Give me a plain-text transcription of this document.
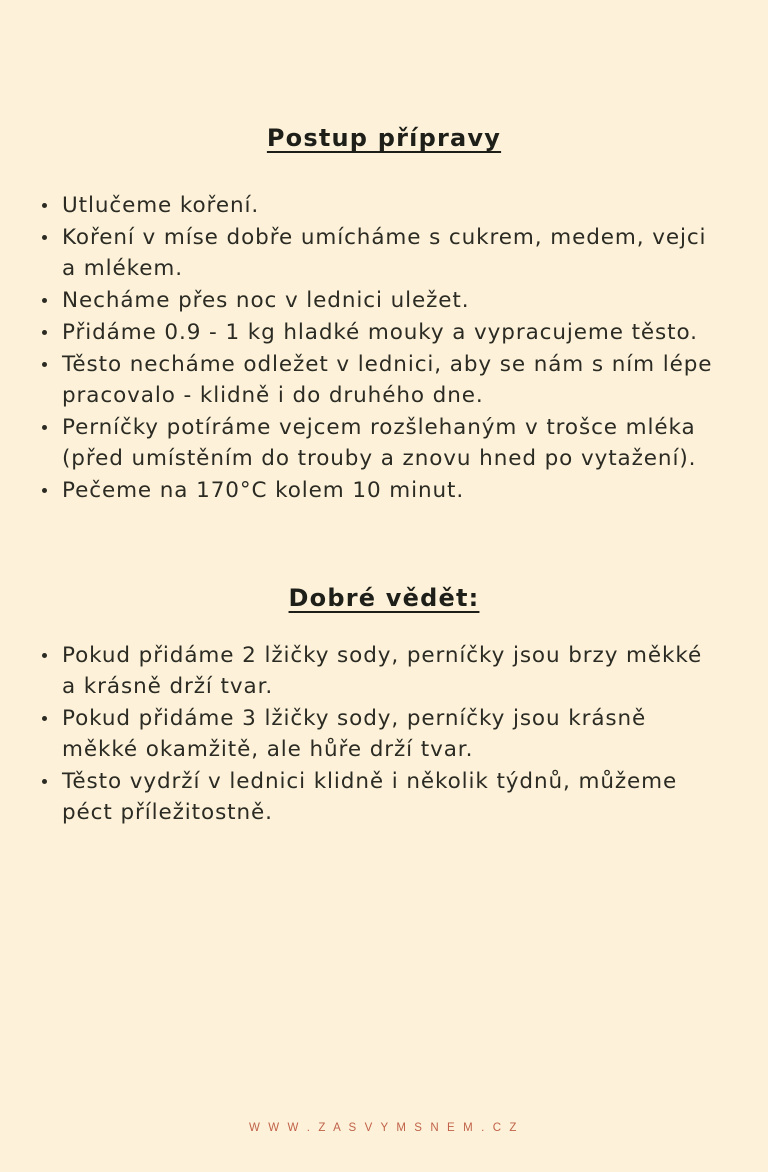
Postup přípravy
Utlučeme koření.
Koření v míse dobře umícháme s cukrem, medem, vejci a mlékem.
Necháme přes noc v lednici uležet.
Přidáme 0.9 - 1 kg hladké mouky a vypracujeme těsto.
Těsto necháme odležet v lednici, aby se nám s ním lépe pracovalo - klidně i do druhého dne.
Perníčky potíráme vejcem rozšlehaným v trošce mléka (před umístěním do trouby a znovu hned po vytažení).
Pečeme na 170°C kolem 10 minut.
Dobré vědět:
Pokud přidáme 2 lžičky sody, perníčky jsou brzy měkké a krásně drží tvar.
Pokud přidáme 3 lžičky sody, perníčky jsou krásně měkké okamžitě, ale hůře drží tvar.
Těsto vydrží v lednici klidně i několik týdnů, můžeme péct příležitostně.
W W W . Z A S V Y M S N E M . C Z
